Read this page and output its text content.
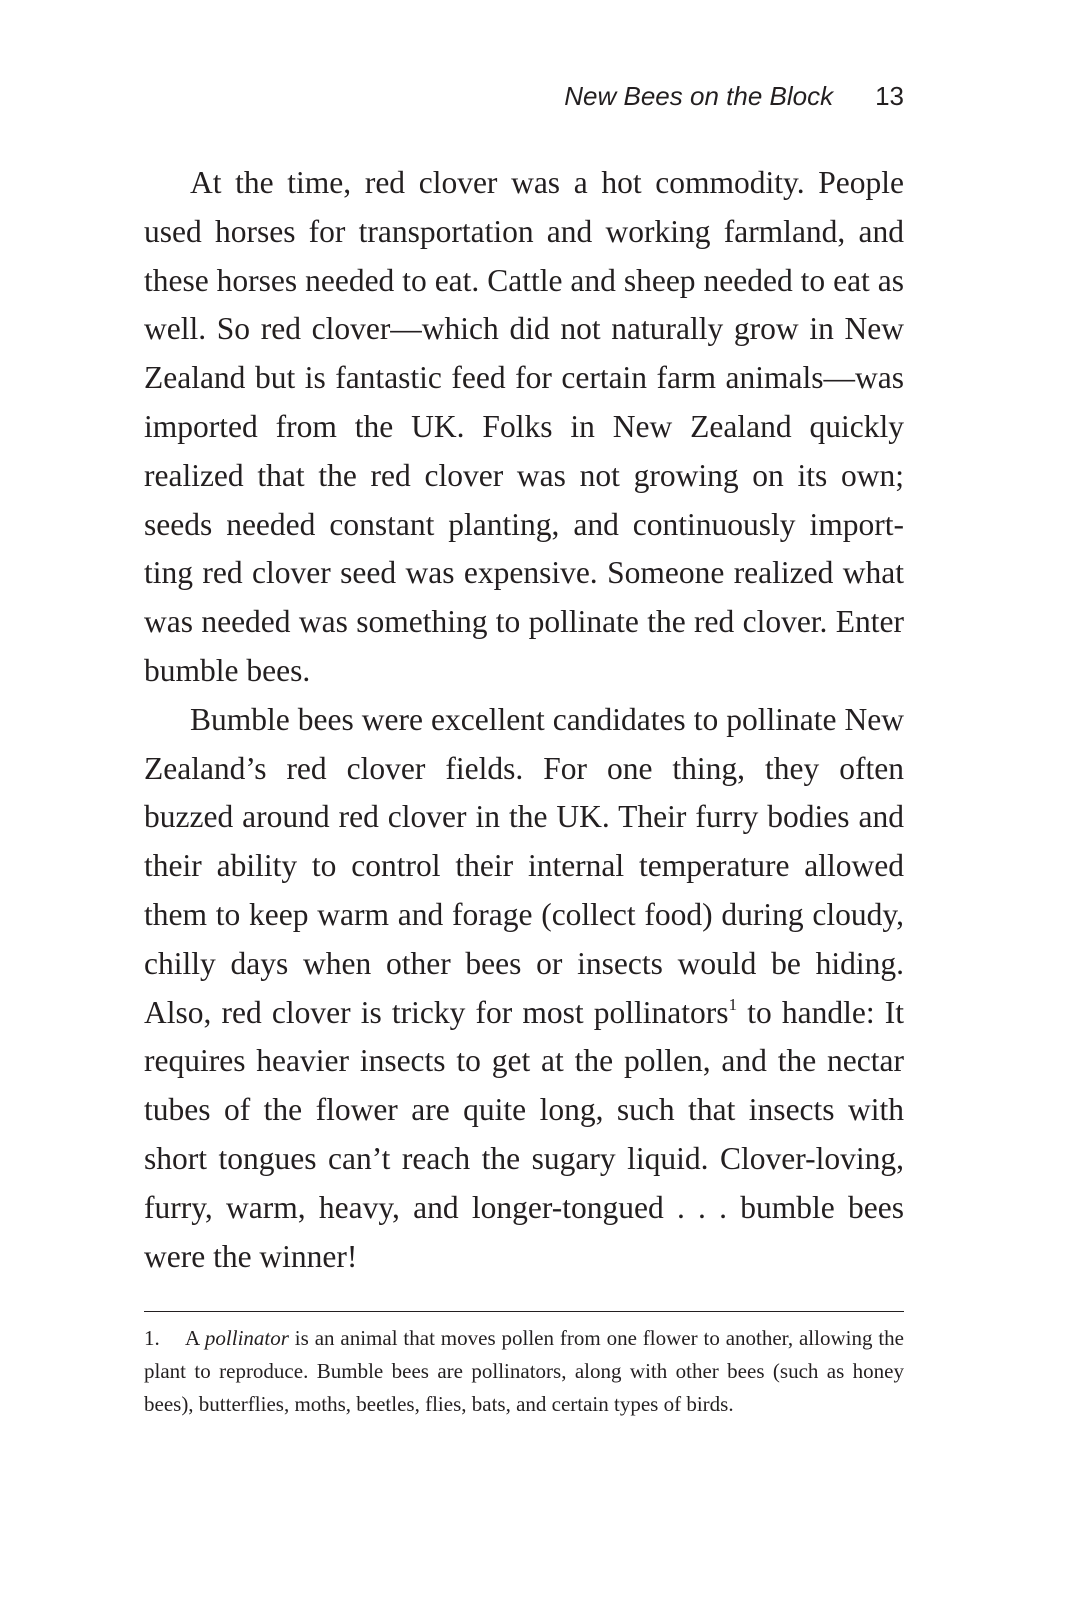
New Bees on the Block 13

At the time, red clover was a hot commodity. People used horses for transportation and working farmland, and these horses needed to eat. Cattle and sheep needed to eat as well. So red clover—which did not naturally grow in New Zealand but is fantastic feed for certain farm animals—was imported from the UK. Folks in New Zealand quickly realized that the red clover was not growing on its own; seeds needed constant planting, and continuously importting red clover seed was expensive. Someone realized what was needed was something to pollinate the red clover. Enter bumble bees.

Bumble bees were excellent candidates to pollinate New Zealand’s red clover fields. For one thing, they often buzzed around red clover in the UK. Their furry bodies and their ability to control their internal temperature allowed them to keep warm and forage (collect food) during cloudy, chilly days when other bees or insects would be hiding. Also, red clover is tricky for most pollinators$^1$ to handle: It requires heavier insects to get at the pollen, and the nectar tubes of the flower are quite long, such that insects with short tongues can’t reach the sugary liquid. Clover-loving, furry, warm, heavy, and longer-tongued . . . bumble bees were the winner!

1. A pollinator is an animal that moves pollen from one flower to another, allowing the plant to reproduce. Bumble bees are pollinators, along with other bees (such as honey bees), butterflies, moths, beetles, flies, bats, and certain types of birds.
